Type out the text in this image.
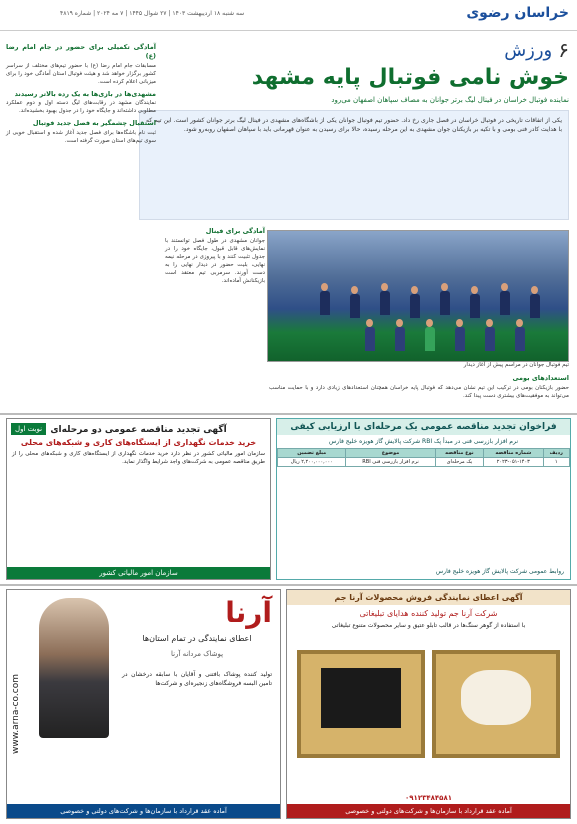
خراسان رضوی
سه شنبه ۱۸ اردیبهشت ۱۴۰۳ | ۲۷ شوال ۱۴۴۵ | ۷ مه ۲۰۲۴ | شماره ۴۸۱۹
۶
ورزش
خوش نامی فوتبال پایه مشهد
نماینده فوتبال خراسان در فینال لیگ برتر جوانان به مصاف سپاهان اصفهان می‌رود
یکی از اتفاقات تاریخی در فوتبال خراسان در فصل جاری رخ داد. حضور تیم فوتبال جوانان یکی از باشگاه‌های مشهدی در فینال لیگ برتر جوانان کشور است. این تیم که با هدایت کادر فنی بومی و با تکیه بر بازیکنان جوان مشهدی به این مرحله رسیده، حالا برای رسیدن به عنوان قهرمانی باید با سپاهان اصفهان روبه‌رو شود.
آمادگی تکمیلی برای حضور در جام امام رضا (ع)
مسابقات جام امام رضا (ع) با حضور تیم‌های مختلف از سراسر کشور برگزار خواهد شد و هیئت فوتبال استان آمادگی خود را برای میزبانی اعلام کرده است.
مشهدی‌ها در بازی‌ها به یک رده بالاتر رسیدند
نمایندگان مشهد در رقابت‌های لیگ دسته اول و دوم عملکرد مطلوبی داشته‌اند و جایگاه خود را در جدول بهبود بخشیده‌اند.
استقبال چشمگیر به فصل جدید فوتبال
ثبت نام باشگاه‌ها برای فصل جدید آغاز شده و استقبال خوبی از سوی تیم‌های استان صورت گرفته است.
آمادگی برای فینال
جوانان مشهدی در طول فصل توانستند با نمایش‌های قابل قبول، جایگاه خود را در جدول تثبیت کنند و با پیروزی در مرحله نیمه نهایی، بلیت حضور در دیدار نهایی را به دست آورند. سرمربی تیم معتقد است بازیکنانش آماده‌اند.
تیم فوتبال جوانان در مراسم پیش از آغاز دیدار
استعدادهای بومی
حضور بازیکنان بومی در ترکیب این تیم نشان می‌دهد که فوتبال پایه خراسان همچنان استعدادهای زیادی دارد و با حمایت مناسب می‌تواند به موفقیت‌های بیشتری دست پیدا کند.
فراخوان تجدید مناقصه عمومی یک مرحله‌ای با ارزیابی کیفی
نرم افزار بازرسی فنی در مبدأ پک RBI شرکت پالایش گاز هویزه خلیج فارس
ردیف	شماره مناقصه	نوع مناقصه	موضوع	مبلغ تضمین
۱	۲۰۲۳-۰۵۱-۱۴۰۳	یک مرحله‌ای	نرم افزار بازرسی فنی RBI	۲,۲۰۰,۰۰۰,۰۰۰ ریال
روابط عمومی شرکت پالایش گاز هویزه خلیج فارس
نوبت اول آگهی تجدید مناقصه عمومی دو مرحله‌ای
خرید خدمات نگهداری از ایستگاه‌های کاری و شبکه‌های محلی
سازمان امور مالیاتی کشور در نظر دارد خرید خدمات نگهداری از ایستگاه‌های کاری و شبکه‌های محلی را از طریق مناقصه عمومی به شرکت‌های واجد شرایط واگذار نماید.
سازمان امور مالیاتی کشور
www.arna-co.com
آرنا
اعطای نمایندگی در تمام استان‌ها
پوشاک مردانه آرنا
تولید کننده پوشاک بافتنی و آقایان با سابقه درخشان در تامین البسه فروشگاه‌های زنجیره‌ای و شرکت‌ها
آماده عقد قرارداد با سازمان‌ها و شرکت‌های دولتی و خصوصی
آگهی اعطای نمایندگی فروش محصولات آرنا جم
شرکت آرنا جم تولید کننده هدایای تبلیغاتی
با استفاده از گوهر سنگ‌ها در قالب تابلو عتیق و سایر محصولات متنوع تبلیغاتی
۰۹۱۲۳۴۸۴۵۸۱
آماده عقد قرارداد با سازمان‌ها و شرکت‌های دولتی و خصوصی
